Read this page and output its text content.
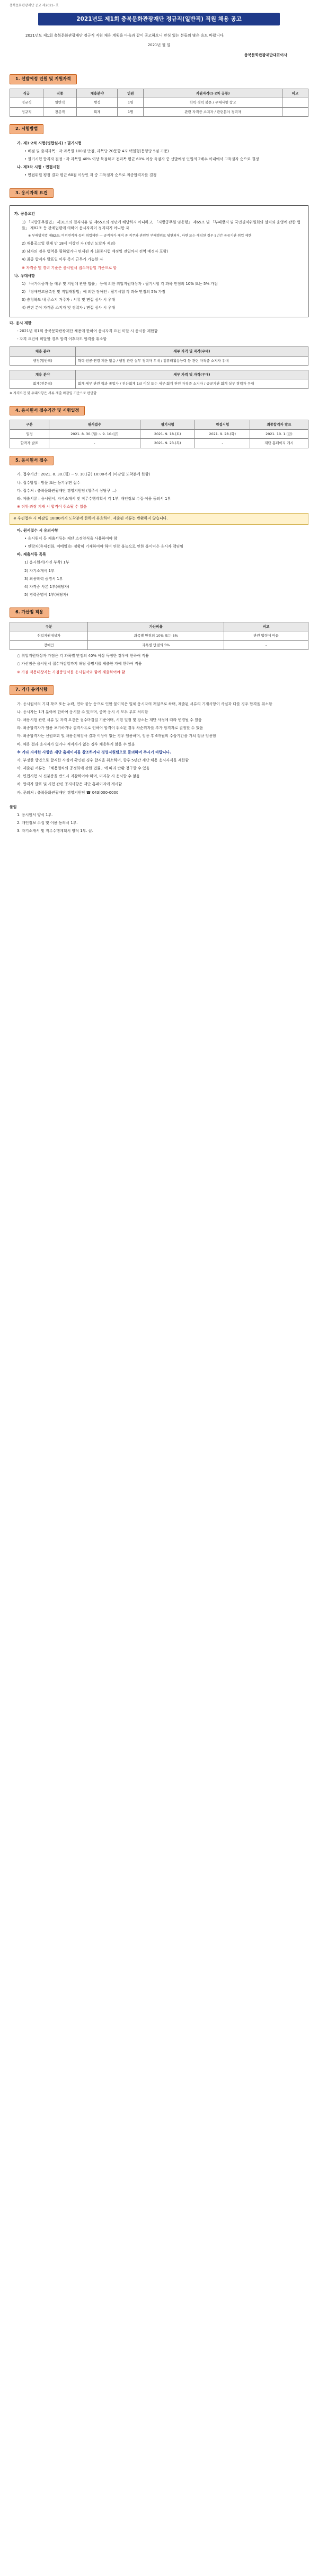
충북문화관광재단 공고 제2021- 호
2021년도 제1회 충북문화관광재단 정규직(일반직) 직원 채용 공고

2021년도 제1회 충북문화관광재단 정규직 직원 채용 계획을 다음과 같이 공고하오니 관심 있는 분들의 많은 응모 바랍니다.

2021년 월 일

충북문화관광재단대표이사
1. 선발예정 인원 및 지원자격
직급	직종	채용분야	인원	지원자격(1·2차 공통)	비고
정규직	일반직	행정	1명	학력·경력 불문 / 우대사항 참고	
정규직	전문직	회계	1명	관련 자격증 소지자 / 관련분야 경력자	
2. 시험방법

가. 제1·2차 시험(병합실시) : 필기시험

• 배점 및 출제과목 : 각 과목별 100점 만점, 과목당 20문항 4지 택일형(문항당 5점 기준)

• 필기시험 합격자 결정 : 각 과목별 40% 이상 득점하고 전과목 평균 60% 이상 득점자 중 선발예정 인원의 2배수 이내에서 고득점자 순으로 결정

나. 제3차 시험 : 면접시험

• 면접위원 평정 결과 평균 60점 이상인 자 중 고득점자 순으로 최종합격자를 결정

3. 응시자격 요건

가. 공통요건

1) 「지방공무원법」 제31조의 결격사유 및 제65조의 정년에 해당하지 아니하고, 「지방공무원 임용령」 제65조 및 「부패방지 및 국민권익위원회의 설치와 운영에 관한 법률」 제82조 등 관계법령에 의하여 응시자격이 정지되지 아니한 자

※ 부패방지법 제82조: 비위면직자 등의 취업제한 — 공직자가 재직 중 직무와 관련된 부패행위로 당연퇴직, 파면 또는 해임된 경우 5년간 공공기관 취업 제한

2) 채용공고일 현재 만 18세 이상인 자 (정년 도달자 제외)

3) 남자의 경우 병역을 필하였거나 면제된 자 (최종시험 예정일 전일까지 전역 예정자 포함)

4) 최종 합격자 발표일 이후 즉시 근무가 가능한 자

※ 자격증 및 경력 기준은 응시원서 접수마감일 기준으로 함

나. 우대사항

1) 「국가유공자 등 예우 및 지원에 관한 법률」 등에 의한 취업지원대상자 : 필기시험 각 과목 만점의 10% 또는 5% 가점

2) 「장애인고용촉진 및 직업재활법」에 의한 장애인 : 필기시험 각 과목 만점의 5% 가점

3) 충청북도 내 주소지 거주자 : 서류 및 면접 심사 시 우대

4) 관련 분야 자격증 소지자 및 경력자 : 면접 심사 시 우대

다. 응시 제한

- 2021년 제1회 충북문화관광재단 채용에 한하여 응시자격 요건 미달 시 응시를 제한함

- 자격 요건에 미달할 경우 합격 이후라도 합격을 취소함

채용 분야	세부 자격 및 자격(우대)
행정(일반직)	학력·전공·연령 제한 없음 / 행정 관련 실무 경력자 우대 / 컴퓨터활용능력 등 관련 자격증 소지자 우대
채용 분야	세부 자격 및 자격(우대)
회계(전문직)	회계·세무 관련 학과 졸업자 / 전산회계 1급 이상 또는 세무·회계 관련 자격증 소지자 / 공공기관 회계 실무 경력자 우대

※ 자격요건 및 우대사항은 서류 제출 마감일 기준으로 판단함

4. 응시원서 접수기간 및 시험일정
구분	원서접수	필기시험	면접시험	최종합격자 발표
일정	2021. 8. 30.(월) ~ 9. 10.(금)	2021. 9. 18.(토)	2021. 9. 28.(화)	2021. 10. 1.(금)
합격자 발표	-	2021. 9. 23.(목)	-	재단 홈페이지 게시
5. 응시원서 접수

가. 접수기간 : 2021. 8. 30.(월) ~ 9. 10.(금) 18:00까지 (마감일 도착분에 한함)

나. 접수방법 : 방문 또는 등기우편 접수

다. 접수처 : 충북문화관광재단 경영지원팀 (청주시 상당구 ...)

라. 제출서류 : 응시원서, 자기소개서 및 직무수행계획서 각 1부, 개인정보 수집·이용 동의서 1부

※ 허위·과장 기재 시 합격이 취소될 수 있음

※ 우편접수 시 마감일 18:00까지 도착분에 한하여 유효하며, 제출된 서류는 반환하지 않습니다.

마. 원서접수 시 유의사항

• 응시원서 등 제출서류는 재단 소정양식을 사용하여야 함

• 연락처(휴대전화, 이메일)는 정확히 기재하여야 하며 연락 불능으로 인한 불이익은 응시자 책임임

바. 제출서류 목록

1) 응시원서(사진 부착) 1부

2) 자기소개서 1부

3) 최종학력 증명서 1부

4) 자격증 사본 1부(해당자)

5) 경력증명서 1부(해당자)

6. 가산점 적용
구분	가산비율	비고
취업지원대상자	과목별 만점의 10% 또는 5%	관련 법령에 따름
장애인	과목별 만점의 5%	-

○ 취업지원대상자 가점은 각 과목별 만점의 40% 이상 득점한 경우에 한하여 적용

○ 가산점은 응시원서 접수마감일까지 해당 증명서를 제출한 자에 한하여 적용

※ 가점 적용대상자는 가점증명서를 응시원서와 함께 제출하여야 함

7. 기타 유의사항

가. 응시원서의 기재 착오 또는 누락, 연락 불능 등으로 인한 불이익은 일체 응시자의 책임으로 하며, 제출된 서류의 기재사항이 사실과 다를 경우 합격을 취소함

나. 응시자는 1개 분야에 한하여 응시할 수 있으며, 중복 응시 시 모두 무효 처리함

다. 채용시험 관련 서류 및 자격 요건은 접수마감일 기준이며, 시험 일정 및 장소는 재단 사정에 따라 변경될 수 있음

라. 최종합격자가 임용 포기하거나 결격사유로 인하여 합격이 취소된 경우 차순위자를 추가 합격자로 결정할 수 있음

마. 최종합격자는 신원조회 및 채용신체검사 결과 이상이 없는 경우 임용하며, 임용 후 6개월의 수습기간을 거쳐 정규 임용함

바. 채용 결과 응시자가 없거나 적격자가 없는 경우 채용하지 않을 수 있음

※ 기타 자세한 사항은 재단 홈페이지를 참조하거나 경영지원팀으로 문의하여 주시기 바랍니다.

사. 부정한 방법으로 합격한 사실이 확인된 경우 합격을 취소하며, 향후 5년간 재단 채용 응시자격을 제한함

아. 제출된 서류는 「채용절차의 공정화에 관한 법률」에 따라 반환 청구할 수 있음

자. 면접시험 시 신분증을 반드시 지참하여야 하며, 미지참 시 응시할 수 없음

차. 합격자 발표 및 시험 관련 공지사항은 재단 홈페이지에 게시함

카. 문의처 : 충북문화관광재단 경영지원팀 ☎ 043)000-0000

붙임

1. 응시원서 양식 1부.

2. 개인정보 수집 및 이용 동의서 1부.

3. 자기소개서 및 직무수행계획서 양식 1부. 끝.
